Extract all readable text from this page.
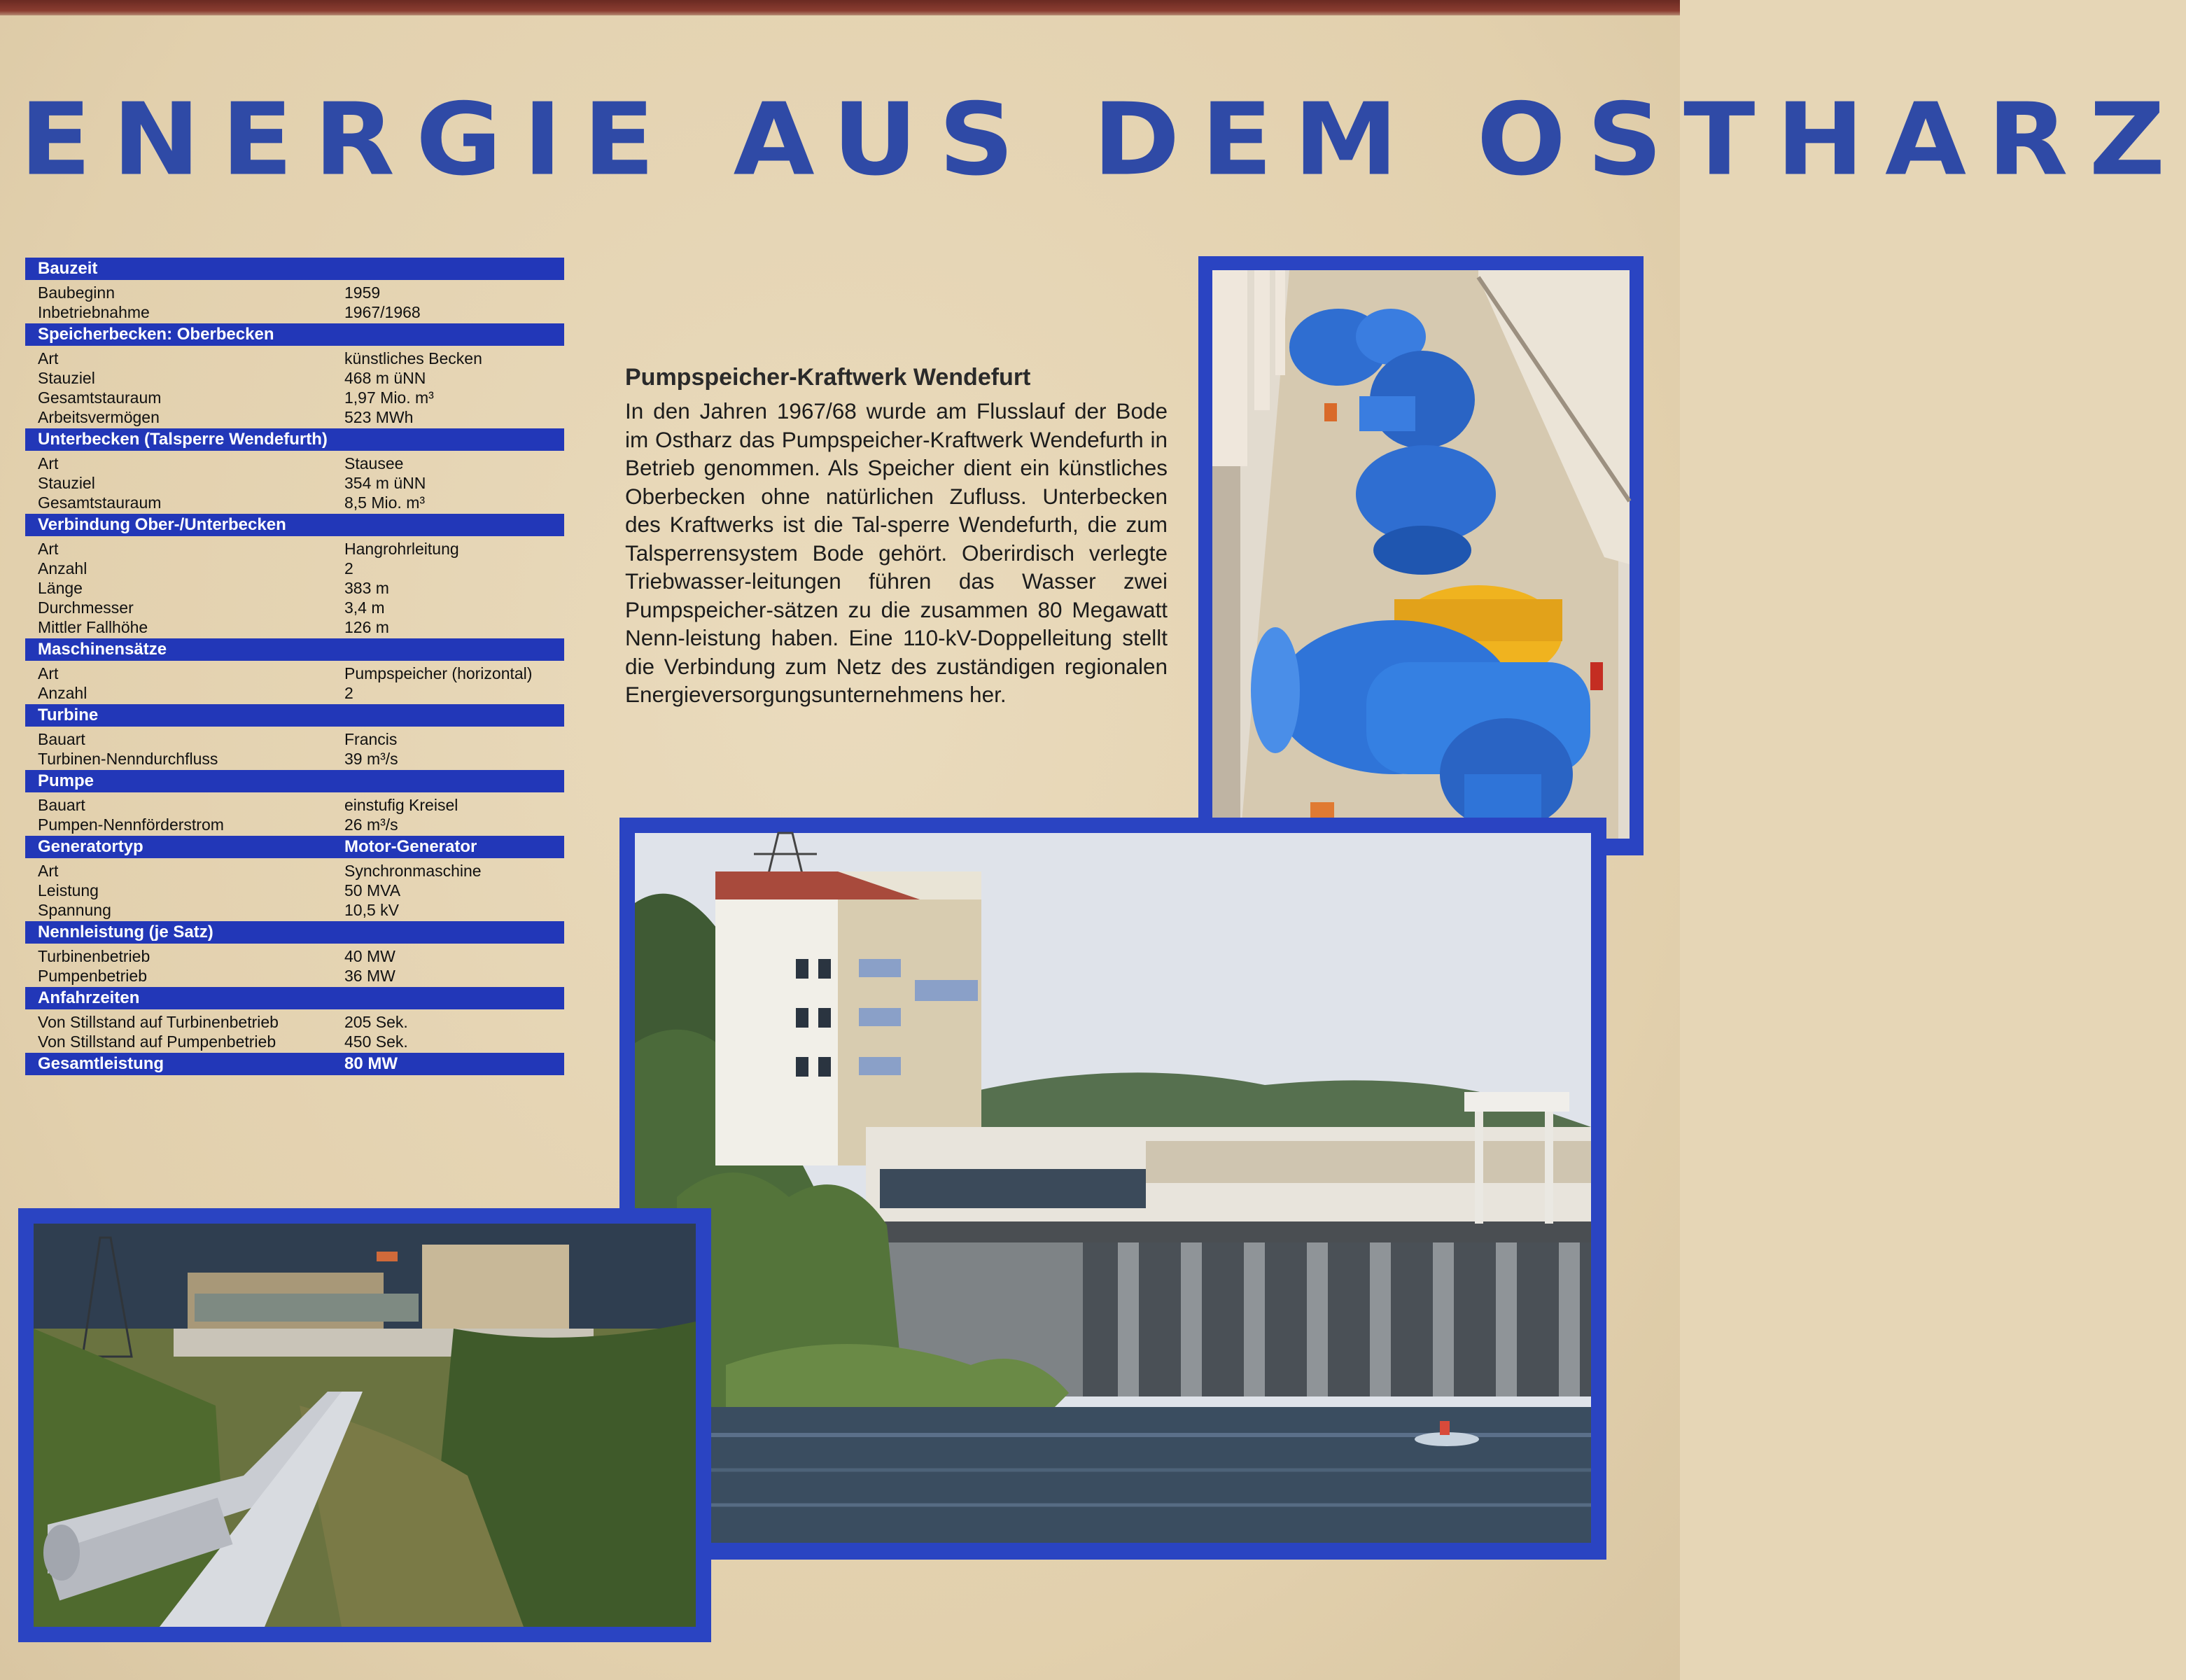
ENERGIE AUS DEM OSTHARZ
Bauzeit
Baubeginn	1959
Inbetriebnahme	1967/1968
Speicherbecken: Oberbecken
Art	künstliches Becken
Stauziel	468 m üNN
Gesamtstauraum	1,97 Mio. m³
Arbeitsvermögen	523 MWh
Unterbecken (Talsperre Wendefurth)
Art	Stausee
Stauziel	354 m üNN
Gesamtstauraum	8,5 Mio. m³
Verbindung Ober-/Unterbecken
Art	Hangrohrleitung
Anzahl	2
Länge	383 m
Durchmesser	3,4 m
Mittler Fallhöhe	126 m
Maschinensätze
Art	Pumpspeicher (horizontal)
Anzahl	2
Turbine
Bauart	Francis
Turbinen-Nenndurchfluss	39 m³/s
Pumpe
Bauart	einstufig Kreisel
Pumpen-Nennförderstrom	26 m³/s
Generatortyp	Motor-Generator
Art	Synchronmaschine
Leistung	50 MVA
Spannung	10,5 kV
Nennleistung (je Satz)
Turbinenbetrieb	40 MW
Pumpenbetrieb	36 MW
Anfahrzeiten
Von Stillstand auf Turbinenbetrieb	205 Sek.
Von Stillstand auf Pumpenbetrieb	450 Sek.
Gesamtleistung	80 MW
Pumpspeicher-Kraftwerk Wendefurt

In den Jahren 1967/68 wurde am Flusslauf der Bode im Ostharz das Pumpspeicher-Kraftwerk Wendefurth in Betrieb genommen. Als Speicher dient ein künstliches Oberbecken ohne natürlichen Zufluss. Unterbecken des Kraftwerks ist die Tal-sperre Wendefurth, die zum Talsperrensystem Bode gehört. Oberirdisch verlegte Triebwasser-leitungen führen das Wasser zwei Pumpspeicher-sätzen zu die zusammen 80 Megawatt Nenn-leistung haben. Eine 110-kV-Doppelleitung stellt die Verbindung zum Netz des zuständigen regionalen Energieversorgungsunternehmens her.
